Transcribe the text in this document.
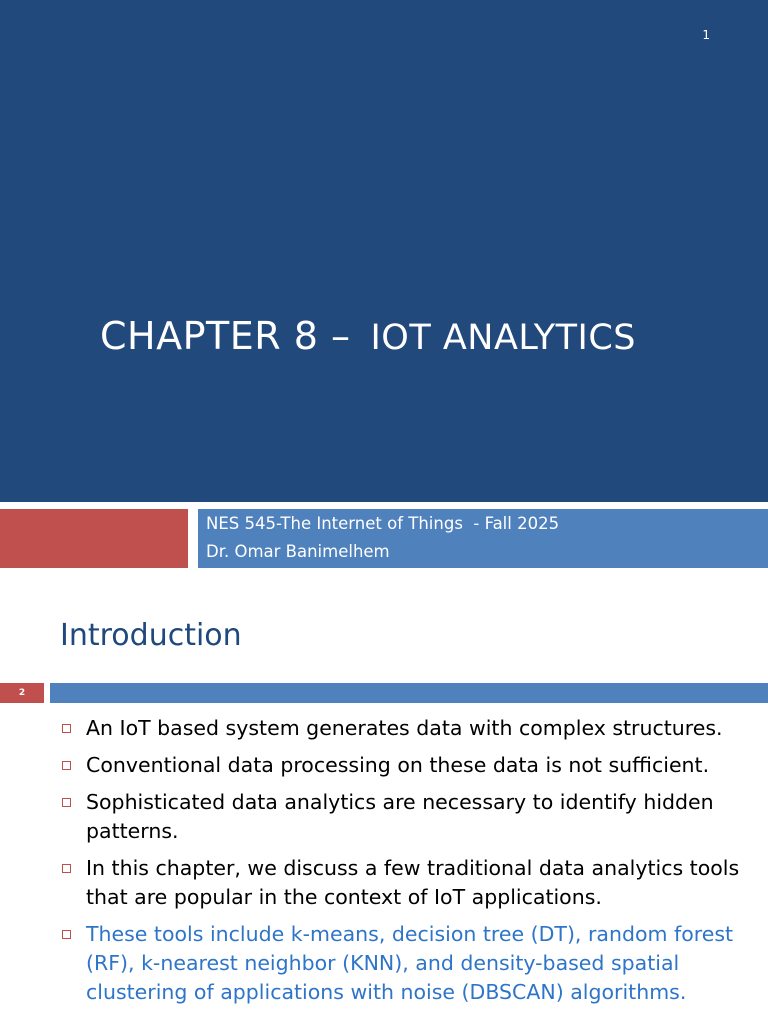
1
CHAPTER 8 – IOT ANALYTICS
NES 545-The Internet of Things  - Fall 2025
Dr. Omar Banimelhem
Introduction
2
An IoT based system generates data with complex structures.
Conventional data processing on these data is not sufficient.
Sophisticated data analytics are necessary to identify hidden patterns.
In this chapter, we discuss a few traditional data analytics tools that are popular in the context of IoT applications.
These tools include k-means, decision tree (DT), random forest (RF), k-nearest neighbor (KNN), and density-based spatial clustering of applications with noise (DBSCAN) algorithms.
